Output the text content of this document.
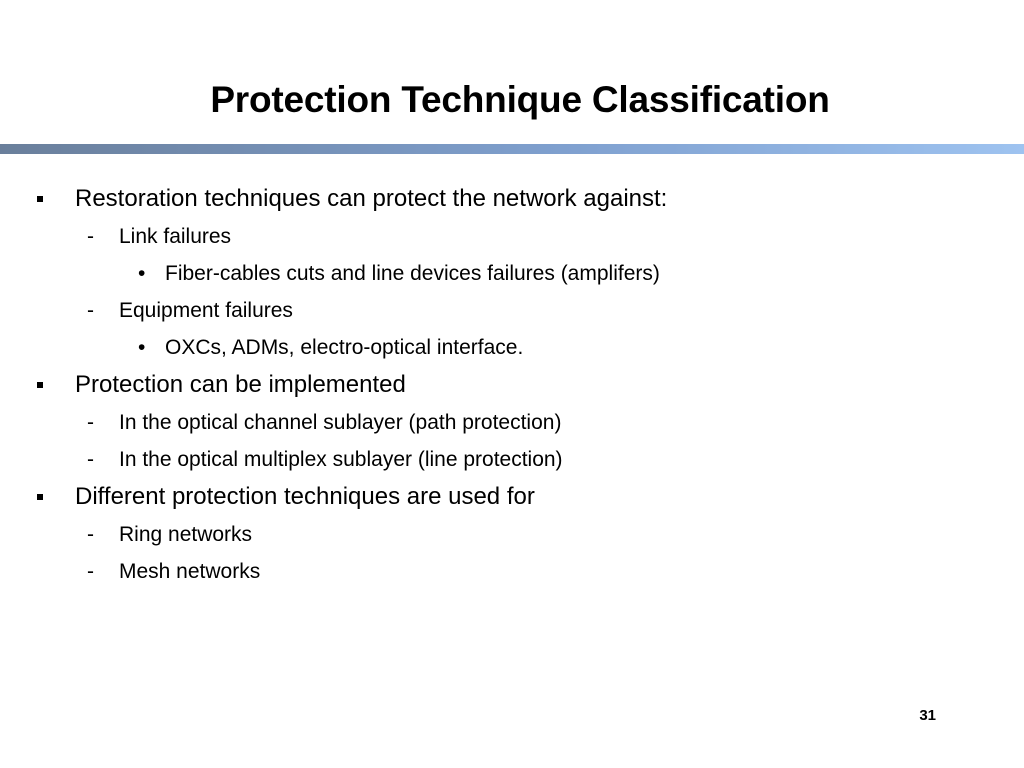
Protection Technique Classification
Restoration techniques can protect the network against:
- Link failures
• Fiber-cables cuts and line devices failures (amplifers)
- Equipment failures
• OXCs, ADMs, electro-optical interface.
Protection can be implemented
- In the optical channel sublayer (path protection)
- In the optical multiplex sublayer (line protection)
Different protection techniques are used for
- Ring networks
- Mesh networks
31
